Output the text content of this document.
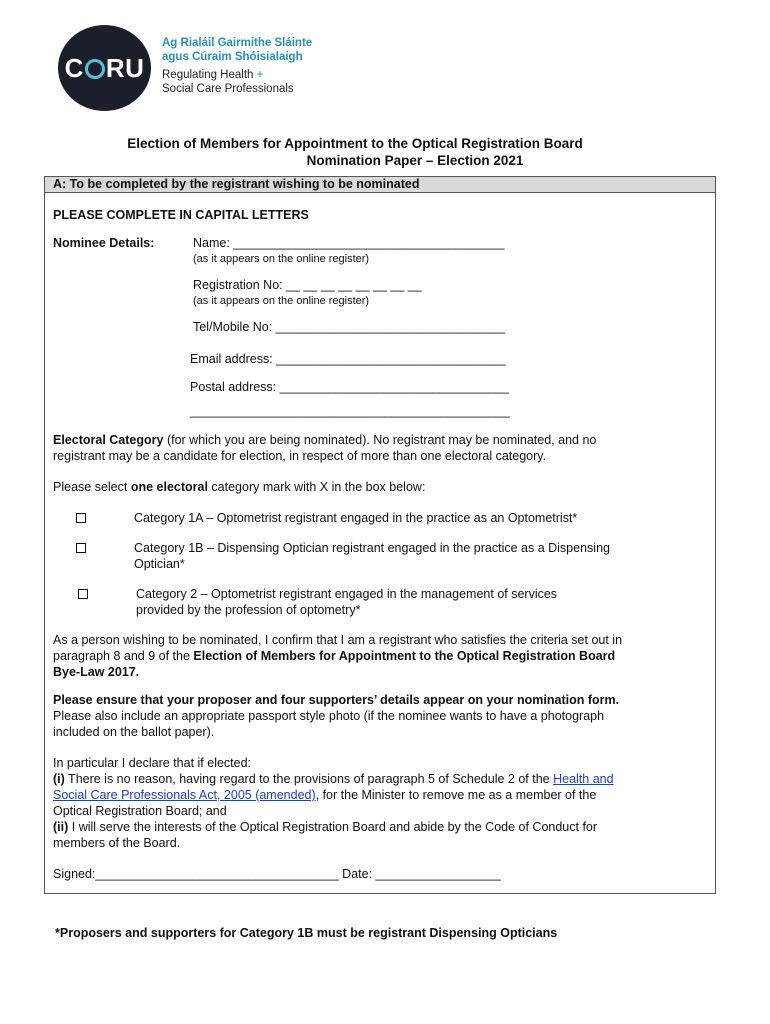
C RU
Ag Rialáil Gairmithe Sláinte
agus Cúraim Shóisialaigh
Regulating Health +
Social Care Professionals
Election of Members for Appointment to the Optical Registration Board
Nomination Paper – Election 2021
A: To be completed by the registrant wishing to be nominated
PLEASE COMPLETE IN CAPITAL LETTERS
Nominee Details:	Name: _______________________________________
(as it appears on the online register)
Registration No: __ __ __ __ __ __ __ __
(as it appears on the online register)
Tel/Mobile No: _________________________________
Email address: _________________________________
Postal address: _________________________________
______________________________________________
Electoral Category (for which you are being nominated). No registrant may be nominated, and no
registrant may be a candidate for election, in respect of more than one electoral category.
Please select one electoral category mark with X in the box below:
Category 1A – Optometrist registrant engaged in the practice as an Optometrist*
Category 1B – Dispensing Optician registrant engaged in the practice as a Dispensing
Optician*
Category 2 – Optometrist registrant engaged in the management of services
provided by the profession of optometry*
As a person wishing to be nominated, I confirm that I am a registrant who satisfies the criteria set out in
paragraph 8 and 9 of the Election of Members for Appointment to the Optical Registration Board
Bye-Law 2017.
Please ensure that your proposer and four supporters’ details appear on your nomination form.
Please also include an appropriate passport style photo (if the nominee wants to have a photograph
included on the ballot paper).
In particular I declare that if elected:
(i) There is no reason, having regard to the provisions of paragraph 5 of Schedule 2 of the Health and
Social Care Professionals Act, 2005 (amended), for the Minister to remove me as a member of the
Optical Registration Board; and
(ii) I will serve the interests of the Optical Registration Board and abide by the Code of Conduct for
members of the Board.
Signed:___________________________________ Date: __________________
*Proposers and supporters for Category 1B must be registrant Dispensing Opticians
